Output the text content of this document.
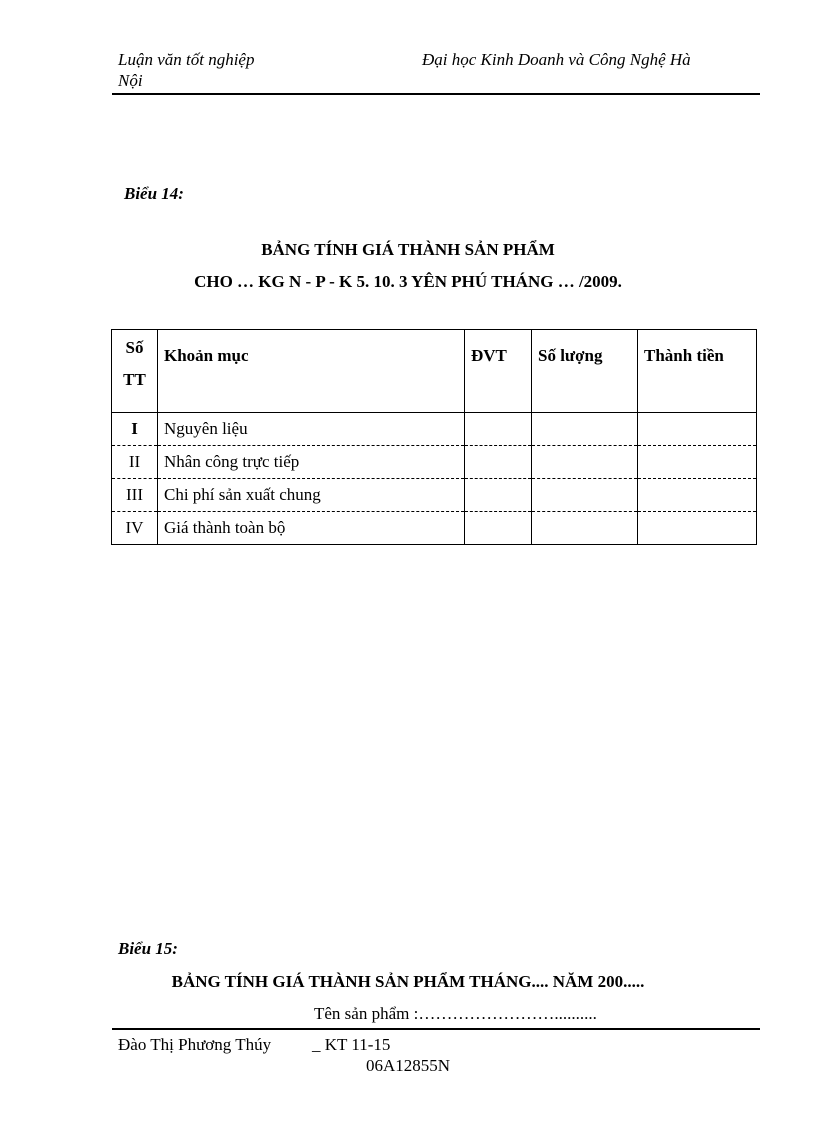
Luận văn tốt nghiệp
Nội
Đại học Kinh Doanh và Công Nghệ Hà
Biểu 14:
BẢNG TÍNH GIÁ THÀNH SẢN PHẨM
CHO … KG N - P - K 5. 10. 3 YÊN PHÚ THÁNG … /2009.
Số
TT	Khoản mục	ĐVT	Số lượng	Thành tiền
I	Nguyên liệu			
II	Nhân công trực tiếp			
III	Chi phí sản xuất chung			
IV	Giá thành toàn bộ			
Biểu 15:
BẢNG TÍNH GIÁ THÀNH SẢN PHẨM THÁNG.... NĂM 200.....
Tên sản phẩm :……………………..........
Đào Thị Phương Thúy _ KT 11-15
06A12855N
